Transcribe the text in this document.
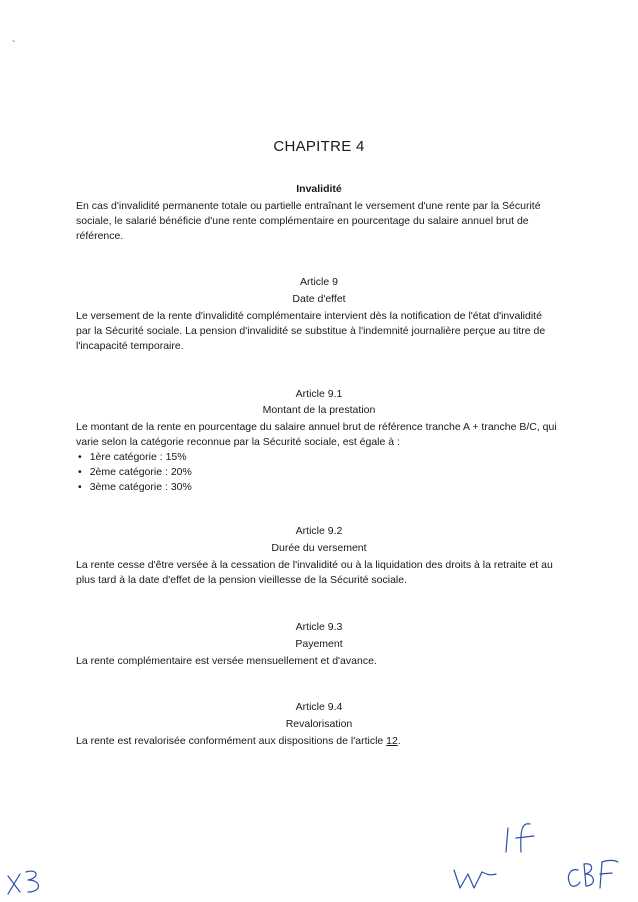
`
CHAPITRE 4
Invalidité

En cas d'invalidité permanente totale ou partielle entraînant le versement d'une rente par la Sécurité
sociale, le salarié bénéficie d'une rente complémentaire en pourcentage du salaire annuel brut de
référence.

Article 9
Date d'effet

Le versement de la rente d'invalidité complémentaire intervient dès la notification de l'état d'invalidité
par la Sécurité sociale. La pension d'invalidité se substitue à l'indemnité journalière perçue au titre de
l'incapacité temporaire.

Article 9.1
Montant de la prestation

Le montant de la rente en pourcentage du salaire annuel brut de référence tranche A + tranche B/C, qui
varie selon la catégorie reconnue par la Sécurité sociale, est égale à :

• 1ère catégorie : 15%
• 2ème catégorie : 20%
• 3ème catégorie : 30%
Article 9.2
Durée du versement

La rente cesse d'être versée à la cessation de l'invalidité ou à la liquidation des droits à la retraite et au
plus tard à la date d'effet de la pension vieillesse de la Sécurité sociale.

Article 9.3
Payement

La rente complémentaire est versée mensuellement et d'avance.

Article 9.4
Revalorisation

La rente est revalorisée conformément aux dispositions de l'article 12.
